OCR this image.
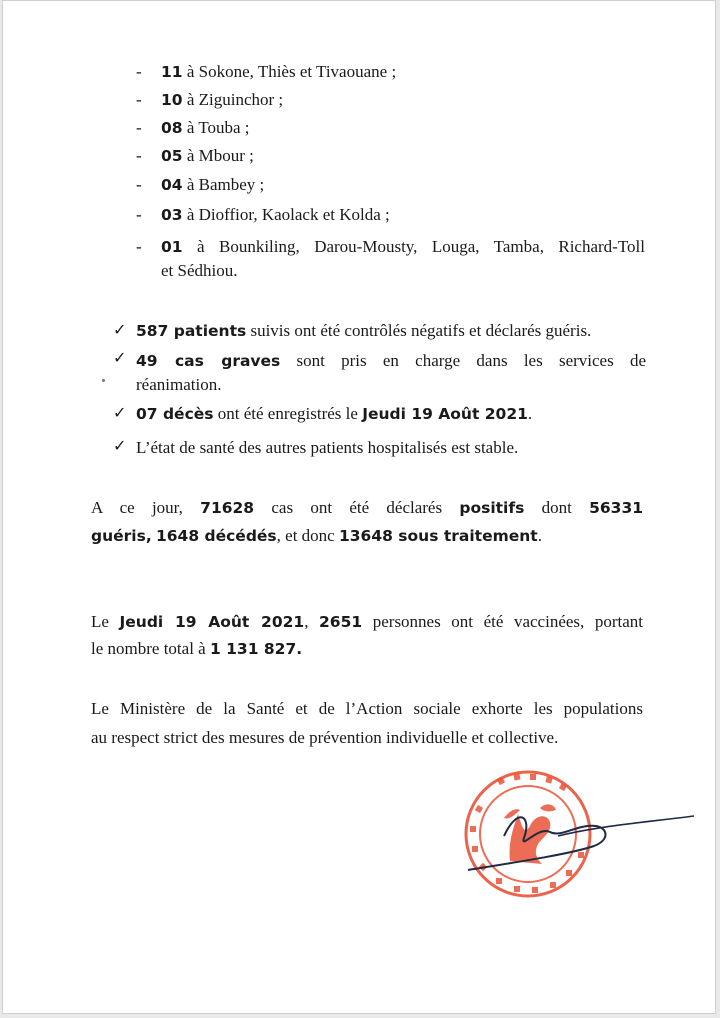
- 11 à Sokone, Thiès et Tivaouane ;
- 10 à Ziguinchor ;
- 08 à Touba ;
- 05 à Mbour ;
- 04 à Bambey ;
- 03 à Dioffior, Kaolack et Kolda ;
- 01 à Bounkiling, Darou-Mousty, Louga, Tamba, Richard-Toll
et Sédhiou.
✓ 587 patients suivis ont été contrôlés négatifs et déclarés guéris.
✓ 49 cas graves sont pris en charge dans les services de
réanimation.
✓ 07 décès ont été enregistrés le Jeudi 19 Août 2021.
✓ L’état de santé des autres patients hospitalisés est stable.
A ce jour, 71628 cas ont été déclarés positifs dont 56331
guéris, 1648 décédés, et donc 13648 sous traitement.
Le Jeudi 19 Août 2021, 2651 personnes ont été vaccinées, portant
le nombre total à 1 131 827.
Le Ministère de la Santé et de l’Action sociale exhorte les populations
au respect strict des mesures de prévention individuelle et collective.
